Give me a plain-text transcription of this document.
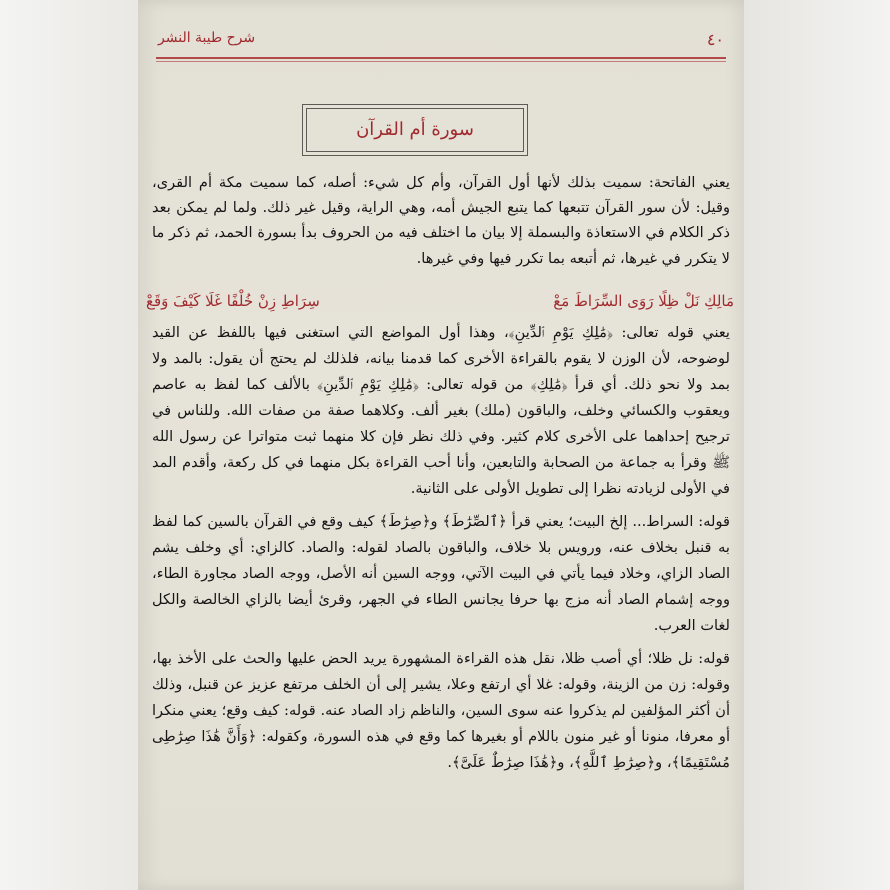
٤٠
شرح طيبة النشر
سورة أم القرآن

يعني الفاتحة: سميت بذلك لأنها أول القرآن، وأم كل شيء: أصله، كما سميت مكة أم القرى، وقيل: لأن سور القرآن تتبعها كما يتبع الجيش أمه، وهي الراية، وقيل غير ذلك. ولما لم يمكن بعد ذكر الكلام في الاستعاذة والبسملة إلا بيان ما اختلف فيه من الحروف بدأ بسورة الحمد، ثم ذكر ما لا يتكرر في غيرها، ثم أتبعه بما تكرر فيها وفي غيرها.

مَالِكِ نَلْ ظِلًا رَوَى السِّرَاطَ مَعْ
سِرَاطِ زِنْ خُلْفًا غَلَا كَيْفَ وَقَعْ

يعني قوله تعالى: ﴿مَٰلِكِ يَوْمِ ٱلدِّينِ﴾، وهذا أول المواضع التي استغنى فيها باللفظ عن القيد لوضوحه، لأن الوزن لا يقوم بالقراءة الأخرى كما قدمنا بيانه، فلذلك لم يحتج أن يقول: بالمد ولا بمد ولا نحو ذلك. أي قرأ ﴿مَٰلِكِ﴾ من قوله تعالى: ﴿مَٰلِكِ يَوْمِ ٱلدِّينِ﴾ بالألف كما لفظ به عاصم ويعقوب والكسائي وخلف، والباقون (ملك) بغير ألف. وكلاهما صفة من صفات الله. وللناس في ترجيح إحداهما على الأخرى كلام كثير. وفي ذلك نظر فإن كلا منهما ثبت متواترا عن رسول الله ﷺ وقرأ به جماعة من الصحابة والتابعين، وأنا أحب القراءة بكل منهما في كل ركعة، وأقدم المد في الأولى لزيادته نظرا إلى تطويل الأولى على الثانية.

قوله: السراط... إلخ البيت؛ يعني قرأ ﴿ٱلصِّرَٰطَ﴾ و﴿صِرَٰطَ﴾ كيف وقع في القرآن بالسين كما لفظ به قنبل بخلاف عنه، ورويس بلا خلاف، والباقون بالصاد لقوله: والصاد. كالزاي: أي وخلف يشم الصاد الزاي، وخلاد فيما يأتي في البيت الآتي، ووجه السين أنه الأصل، ووجه الصاد مجاورة الطاء، ووجه إشمام الصاد أنه مزج بها حرفا يجانس الطاء في الجهر، وقرئ أيضا بالزاي الخالصة والكل لغات العرب.

قوله: نل ظلا؛ أي أصب ظلا، نقل هذه القراءة المشهورة يريد الحض عليها والحث على الأخذ بها، وقوله: زن من الزينة، وقوله: غلا أي ارتفع وعلا، يشير إلى أن الخلف مرتفع عزيز عن قنبل، وذلك أن أكثر المؤلفين لم يذكروا عنه سوى السين، والناظم زاد الصاد عنه. قوله: كيف وقع؛ يعني منكرا أو معرفا، منونا أو غير منون باللام أو بغيرها كما وقع في هذه السورة، وكقوله: ﴿وَأَنَّ هَٰذَا صِرَٰطِى مُسْتَقِيمًا﴾، و﴿صِرَٰطِ ٱللَّهِ﴾، و﴿هَٰذَا صِرَٰطٌ عَلَىَّ﴾.
